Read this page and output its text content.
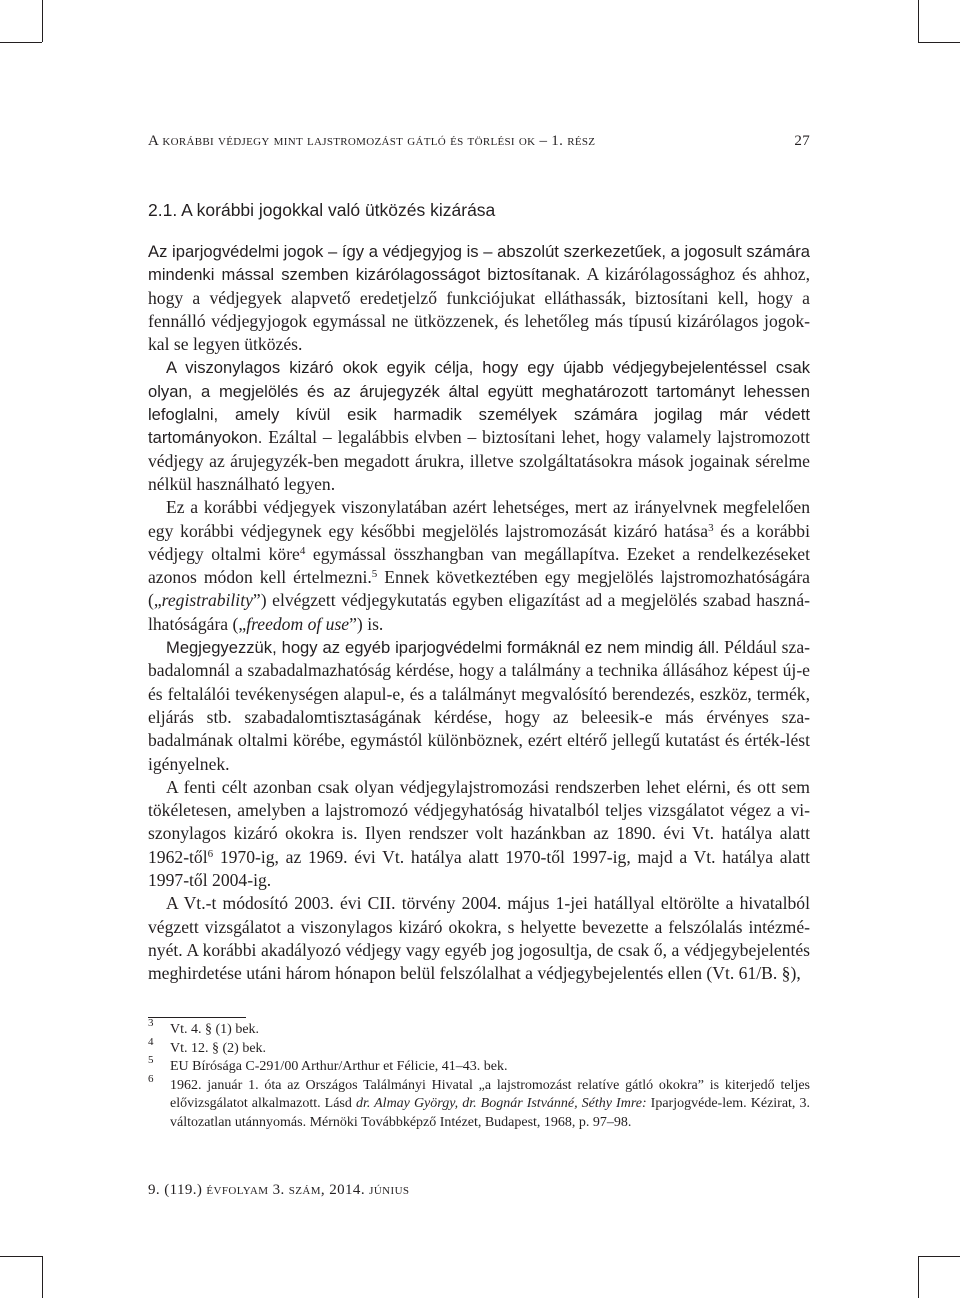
A korábbi védjegy mint lajstromozást gátló és törlési ok – 1. rész	27
2.1. A korábbi jogokkal való ütközés kizárása

Az iparjogvédelmi jogok – így a védjegyjog is – abszolút szerkezetűek, a jogosult számára mindenki mással szemben kizárólagosságot biztosítanak. A kizárólagossághoz és ahhoz, hogy a védjegyek alapvető eredetjelző funkciójukat elláthassák, biztosítani kell, hogy a fennálló védjegyjogok egymással ne ütközzenek, és lehetőleg más típusú kizárólagos jogok-kal se legyen ütközés.

A viszonylagos kizáró okok egyik célja, hogy egy újabb védjegybejelentéssel csak olyan, a megjelölés és az árujegyzék által együtt meghatározott tartományt lehessen lefoglalni, amely kívül esik harmadik személyek számára jogilag már védett tartományokon. Ezáltal – legalábbis elvben – biztosítani lehet, hogy valamely lajstromozott védjegy az árujegyzék-ben megadott árukra, illetve szolgáltatásokra mások jogainak sérelme nélkül használható legyen.

Ez a korábbi védjegyek viszonylatában azért lehetséges, mert az irányelvnek megfelelően egy korábbi védjegynek egy későbbi megjelölés lajstromozását kizáró hatása$^3$ és a korábbi védjegy oltalmi köre$^4$ egymással összhangban van megállapítva. Ezeket a rendelkezéseket azonos módon kell értelmezni.$^5$ Ennek következtében egy megjelölés lajstromozhatóságára („registrability”) elvégzett védjegykutatás egyben eligazítást ad a megjelölés szabad haszná-lhatóságára („freedom of use”) is.

Megjegyezzük, hogy az egyéb iparjogvédelmi formáknál ez nem mindig áll. Például sza-badalomnál a szabadalmazhatóság kérdése, hogy a találmány a technika állásához képest új-e és feltalálói tevékenységen alapul-e, és a találmányt megvalósító berendezés, eszköz, termék, eljárás stb. szabadalomtisztaságának kérdése, hogy az beleesik-e más érvényes sza-badalmának oltalmi körébe, egymástól különböznek, ezért eltérő jellegű kutatást és érték-lést igényelnek.

A fenti célt azonban csak olyan védjegylajstromozási rendszerben lehet elérni, és ott sem tökéletesen, amelyben a lajstromozó védjegyhatóság hivatalból teljes vizsgálatot végez a vi-szonylagos kizáró okokra is. Ilyen rendszer volt hazánkban az 1890. évi Vt. hatálya alatt 1962-től$^6$ 1970-ig, az 1969. évi Vt. hatálya alatt 1970-től 1997-ig, majd a Vt. hatálya alatt 1997-től 2004-ig.

A Vt.-t módosító 2003. évi CII. törvény 2004. május 1-jei hatállyal eltörölte a hivatalból végzett vizsgálatot a viszonylagos kizáró okokra, s helyette bevezette a felszólalás intézmé-nyét. A korábbi akadályozó védjegy vagy egyéb jog jogosultja, de csak ő, a védjegybejelentés meghirdetése utáni három hónapon belül felszólalhat a védjegybejelentés ellen (Vt. 61/B. §),

3	Vt. 4. § (1) bek.
4	Vt. 12. § (2) bek.
5	EU Bírósága C-291/00 Arthur/Arthur et Félicie, 41–43. bek.
6	1962. január 1. óta az Országos Találmányi Hivatal „a lajstromozást relatíve gátló okokra” is kiterjedő teljes elővizsgálatot alkalmazott. Lásd dr. Almay György, dr. Bognár Istvánné, Séthy Imre: Iparjogvéde-lem. Kézirat, 3. változatlan utánnyomás. Mérnöki Továbbképző Intézet, Budapest, 1968, p. 97–98.
9. (119.) évfolyam 3. szám, 2014. június
